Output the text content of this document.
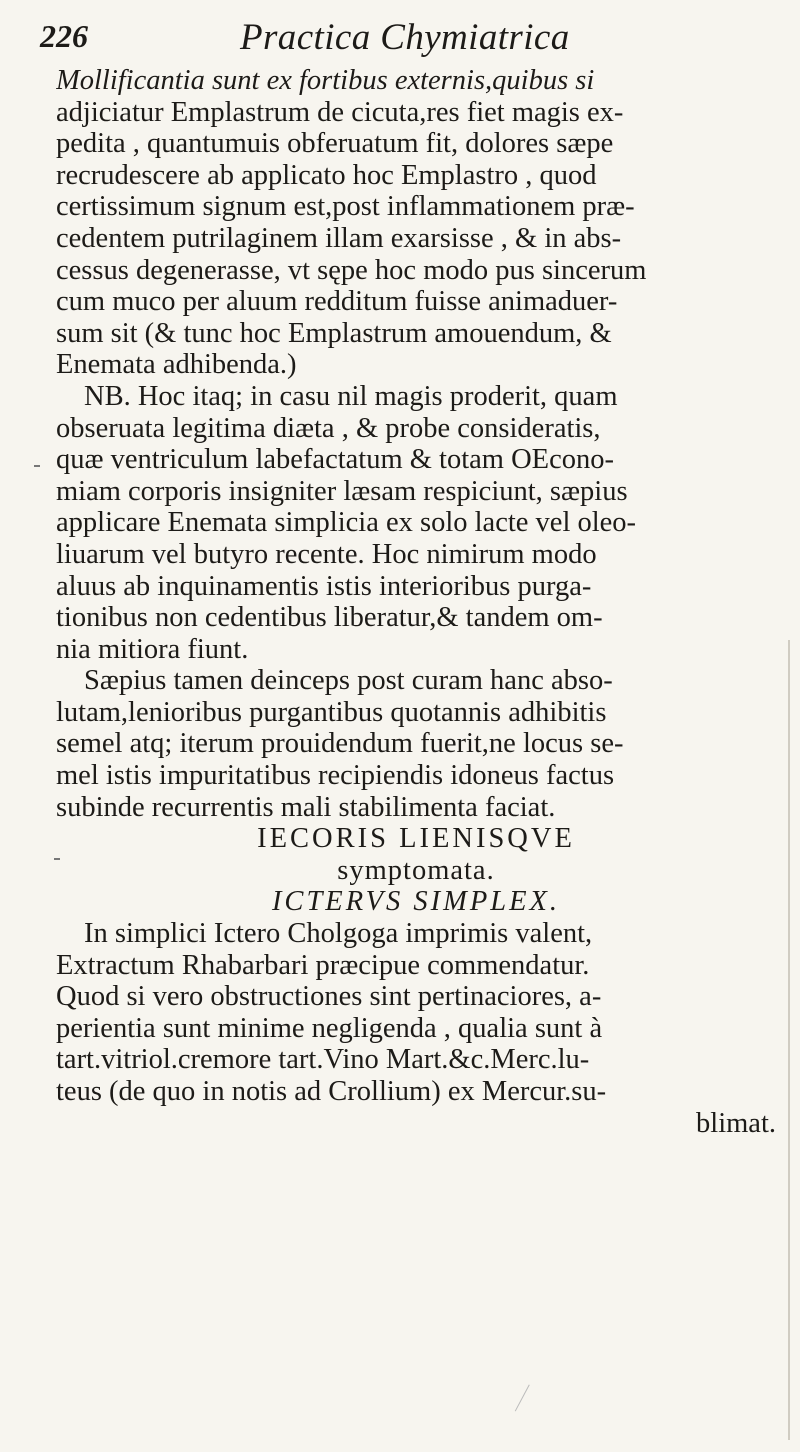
226	Practica Chymiatrica
Mollificantia sunt ex fortibus externis,quibus si
adjiciatur Emplastrum de cicuta,res fiet magis ex-
pedita , quantumuis obferuatum fit, dolores sæpe
recrudescere ab applicato hoc Emplastro , quod
certissimum signum est,post inflammationem præ-
cedentem putrilaginem illam exarsisse , & in abs-
cessus degenerasse, vt sępe hoc modo pus sincerum
cum muco per aluum redditum fuisse animaduer-
sum sit (& tunc hoc Emplastrum amouendum, &
Enemata adhibenda.)
NB. Hoc itaq; in casu nil magis proderit, quam
obseruata legitima diæta , & probe consideratis,
quæ ventriculum labefactatum & totam OEcono-
miam corporis insigniter læsam respiciunt, sæpius
applicare Enemata simplicia ex solo lacte vel oleo-
liuarum vel butyro recente. Hoc nimirum modo
aluus ab inquinamentis istis interioribus purga-
tionibus non cedentibus liberatur,& tandem om-
nia mitiora fiunt.
Sæpius tamen deinceps post curam hanc abso-
lutam,lenioribus purgantibus quotannis adhibitis
semel atq; iterum prouidendum fuerit,ne locus se-
mel istis impuritatibus recipiendis idoneus factus
subinde recurrentis mali stabilimenta faciat.
IECORIS LIENISQVE
symptomata.
ICTERVS SIMPLEX.
In simplici Ictero Cholgoga imprimis valent,
Extractum Rhabarbari præcipue commendatur.
Quod si vero obstructiones sint pertinaciores, a-
perientia sunt minime negligenda , qualia sunt à
tart.vitriol.cremore tart.Vino Mart.&c.Merc.lu-
teus (de quo in notis ad Crollium) ex Mercur.su-
blimat.
